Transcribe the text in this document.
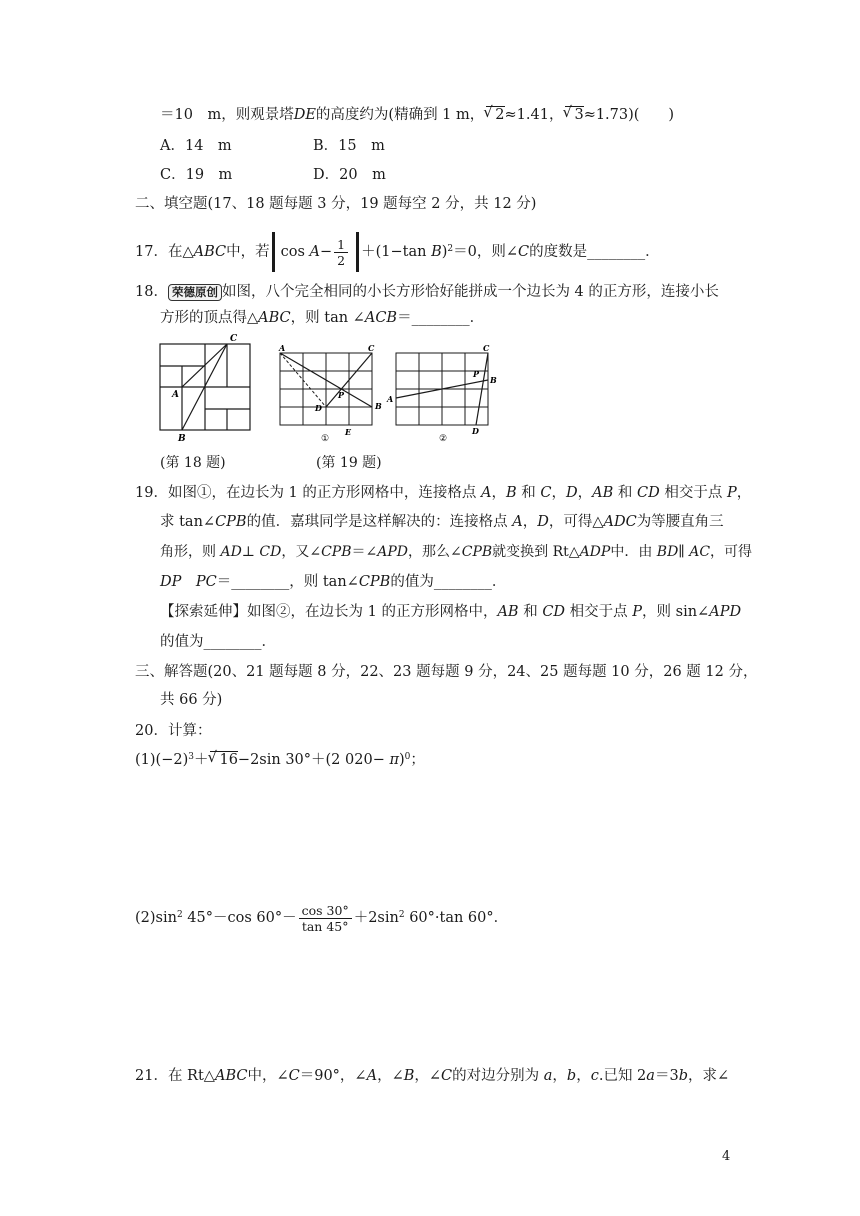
＝10　m，则观景塔DE的高度约为(精确到 1 m，√ 2≈1.41，√ 3≈1.73)(　　)
A．14　m	B．15　m
C．19　m	D．20　m
二、填空题(17、18 题每题 3 分，19 题每空 2 分，共 12 分)
17．在△ABC中，若 $\cos A- \frac{1}{2} +(1-\tan$ B)$^2$＝0，则∠C的度数是________．
18． 荣德原创 如图，八个完全相同的小长方形恰好能拼成一个边长为 4 的正方形，连接小长
方形的顶点得△ABC，则 tan ∠ACB＝________．
C
A
B
A	C
B
D
P
E
①
A
B
C
D
P
②
(第 18 题)	(第 19 题)
19．如图①，在边长为 1 的正方形网格中，连接格点 A，B 和 C，D，AB 和 CD 相交于点 P，
求 tan∠CPB的值．嘉琪同学是这样解决的：连接格点 A，D，可得△ADC为等腰直角三
角形，则 AD⊥ CD，又∠CPB＝∠APD，那么∠CPB就变换到 Rt△ADP中．由 BD∥ AC，可得
DP　 PC＝________，则 tan∠CPB的值为________．
【探索延伸】如图②，在边长为 1 的正方形网格中，AB 和 CD 相交于点 P，则 sin∠APD
的值为________．
三、解答题(20、21 题每题 8 分，22、23 题每题 9 分，24、25 题每题 10 分，26 题 12 分，
共 66 分)
20．计算：
$(1)(-2)^3+√$ 16−2sin 30°＋(2 020− π)$^0$；
$(2)\sin^2$ 45°－cos $60^\circ- \frac{\cos 30^\circ}{\tan 45^\circ} +2\sin^2$ 60°·tan 60°．
21．在 Rt△ABC中，∠C＝90°，∠A，∠B，∠C的对边分别为 a，b，c.已知 2a＝3b，求∠
4
